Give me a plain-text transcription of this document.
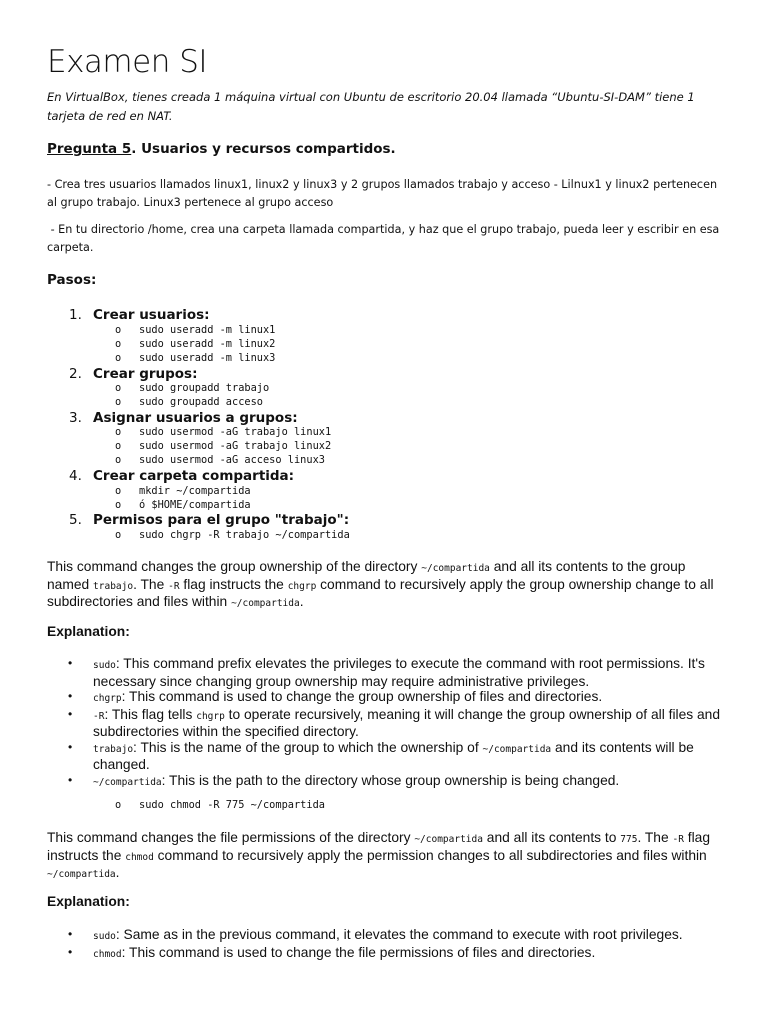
Examen SI
En VirtualBox, tienes creada 1 máquina virtual con Ubuntu de escritorio 20.04 llamada “Ubuntu-SI-DAM” tiene 1 tarjeta de red en NAT.
Pregunta 5. Usuarios y recursos compartidos.
- Crea tres usuarios llamados linux1, linux2 y linux3 y 2 grupos llamados trabajo y acceso - Lilnux1 y linux2 pertenecen al grupo trabajo. Linux3 pertenece al grupo acceso
- En tu directorio /home, crea una carpeta llamada compartida, y haz que el grupo trabajo, pueda leer y escribir en esa carpeta.
Pasos:
1. Crear usuarios:
o sudo useradd -m linux1
o sudo useradd -m linux2
o sudo useradd -m linux3
2. Crear grupos:
o sudo groupadd trabajo
o sudo groupadd acceso
3. Asignar usuarios a grupos:
o sudo usermod -aG trabajo linux1
o sudo usermod -aG trabajo linux2
o sudo usermod -aG acceso linux3
4. Crear carpeta compartida:
o mkdir ~/compartida
o ó $HOME/compartida
5. Permisos para el grupo "trabajo":
o sudo chgrp -R trabajo ~/compartida
This command changes the group ownership of the directory ~/compartida and all its contents to the group named trabajo. The -R flag instructs the chgrp command to recursively apply the group ownership change to all subdirectories and files within ~/compartida.
Explanation:
• sudo: This command prefix elevates the privileges to execute the command with root permissions. It's necessary since changing group ownership may require administrative privileges.
• chgrp: This command is used to change the group ownership of files and directories.
• -R: This flag tells chgrp to operate recursively, meaning it will change the group ownership of all files and subdirectories within the specified directory.
• trabajo: This is the name of the group to which the ownership of ~/compartida and its contents will be changed.
• ~/compartida: This is the path to the directory whose group ownership is being changed.
o sudo chmod -R 775 ~/compartida
This command changes the file permissions of the directory ~/compartida and all its contents to 775. The -R flag instructs the chmod command to recursively apply the permission changes to all subdirectories and files within ~/compartida.
Explanation:
• sudo: Same as in the previous command, it elevates the command to execute with root privileges.
• chmod: This command is used to change the file permissions of files and directories.
